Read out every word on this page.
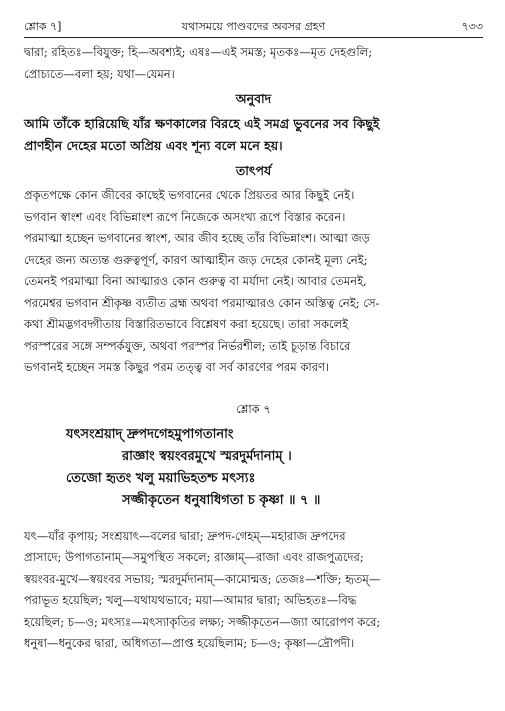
শ্লোক ৭]	যথাসময়ে পাণ্ডবদের অবসর গ্রহণ	৭৩৩

দ্বারা; রহিতঃ—বিযুক্ত; হি—অবশ্যই; এষঃ—এই সমস্ত; মৃতকঃ—মৃত দেহগুলি;

প্রোচ্যতে—বলা হয়; যথা—যেমন।

অনুবাদ

আমি তাঁকে হারিয়েছি যাঁর ক্ষণকালের বিরহে এই সমগ্র ভুবনের সব কিছুই

প্রাণহীন দেহের মতো অপ্রিয় এবং শূন্য বলে মনে হয়।

তাৎপর্য

প্রকৃতপক্ষে কোন জীবের কাছেই ভগবানের থেকে প্রিয়তর আর কিছুই নেই।

ভগবান স্বাংশ এবং বিভিন্নাংশ রূপে নিজেকে অসংখ্য রূপে বিস্তার করেন।

পরমাত্মা হচ্ছেন ভগবানের স্বাংশ, আর জীব হচ্ছে তাঁর বিভিন্নাংশ। আত্মা জড়

দেহের জন্য অত্যন্ত গুরুত্বপূর্ণ, কারণ আত্মাহীন জড় দেহের কোনই মূল্য নেই;

তেমনই পরমাত্মা বিনা আত্মারও কোন গুরুত্ব বা মর্যাদা নেই। আবার তেমনই,

পরমেশ্বর ভগবান শ্রীকৃষ্ণ ব্যতীত ব্রহ্ম অথবা পরমাত্মারও কোন অস্তিত্ব নেই; সে-

কথা শ্রীমদ্ভগবদ্গীতায় বিস্তারিতভাবে বিশ্লেষণ করা হয়েছে। তারা সকলেই

পরস্পরের সঙ্গে সম্পর্কযুক্ত, অথবা পরস্পর নির্ভরশীল; তাই চূড়ান্ত বিচারে

ভগবানই হচ্ছেন সমস্ত কিছুর পরম তত্ত্ব বা সর্ব কারণের পরম কারণ।

শ্লোক ৭

যৎসংশ্রয়াদ্ দ্রুপদগেহমুপাগতানাং

রাজ্ঞাং স্বয়ংবরমুখে স্মরদুর্মদানাম্ ।

তেজো হৃতং খলু ময়াভিহতশ্চ মৎস্যঃ

সজ্জীকৃতেন ধনুষাধিগতা চ কৃষ্ণা ॥ ৭ ॥

যৎ—যাঁর কৃপায়; সংশ্রয়াৎ—বলের দ্বারা; দ্রুপদ-গেহম্—মহারাজ দ্রুপদের

প্রাসাদে; উপাগতানাম্—সমুপস্থিত সকলে; রাজ্ঞাম্—রাজা এবং রাজপুত্রদের;

স্বয়ংবর-মুখে—স্বয়ংবর সভায়; স্মরদুর্মদানাম্—কামোন্মত্ত; তেজঃ—শক্তি; হৃতম্—

পরাভূত হয়েছিল; খলু—যথাযথভাবে; ময়া—আমার দ্বারা; অভিহতঃ—বিদ্ধ

হয়েছিল; চ—ও; মৎস্যঃ—মৎস্যাকৃতির লক্ষ্য; সজ্জীকৃতেন—জ্যা আরোপণ করে;

ধনুষা—ধনুকের দ্বারা, অধিগতা—প্রাপ্ত হয়েছিলাম; চ—ও; কৃষ্ণা—দ্রৌপদী।
